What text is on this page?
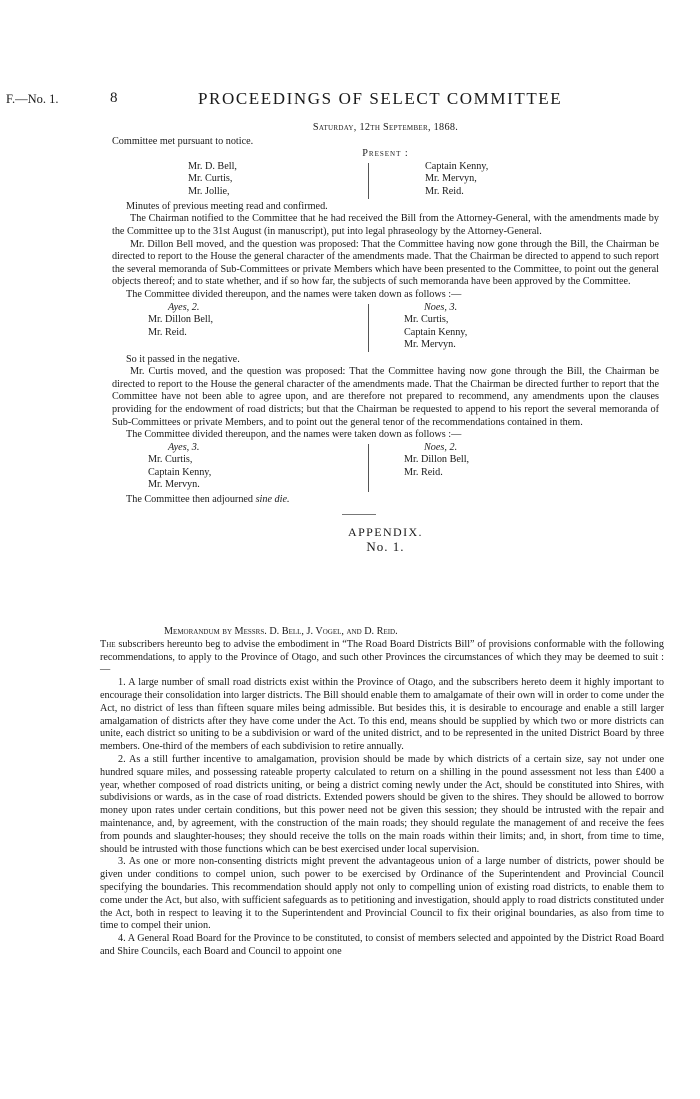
F.—No. 1.	8	PROCEEDINGS OF SELECT COMMITTEE

Saturday, 12th September, 1868.

Committee met pursuant to notice.

Present :

Mr. D. Bell,
Mr. Curtis,
Mr. Jollie,
Captain Kenny,
Mr. Mervyn,
Mr. Reid.

Minutes of previous meeting read and confirmed.

The Chairman notified to the Committee that he had received the Bill from the Attorney-General, with the amendments made by the Committee up to the 31st August (in manuscript), put into legal phraseology by the Attorney-General.

Mr. Dillon Bell moved, and the question was proposed: That the Committee having now gone through the Bill, the Chairman be directed to report to the House the general character of the amendments made. That the Chairman be directed to append to such report the several memoranda of Sub-Committees or private Members which have been presented to the Committee, to point out the general objects thereof; and to state whether, and if so how far, the subjects of such memoranda have been approved by the Committee.

The Committee divided thereupon, and the names were taken down as follows :—

Ayes, 2.
Mr. Dillon Bell,
Mr. Reid.
Noes, 3.
Mr. Curtis,
Captain Kenny,
Mr. Mervyn.

So it passed in the negative.

Mr. Curtis moved, and the question was proposed: That the Committee having now gone through the Bill, the Chairman be directed to report to the House the general character of the amendments made. That the Chairman be directed further to report that the Committee have not been able to agree upon, and are therefore not prepared to recommend, any amendments upon the clauses providing for the endowment of road districts; but that the Chairman be requested to append to his report the several memoranda of Sub-Committees or private Members, and to point out the general tenor of the recommendations contained in them.

The Committee divided thereupon, and the names were taken down as follows :—

Ayes, 3.
Mr. Curtis,
Captain Kenny,
Mr. Mervyn.
Noes, 2.
Mr. Dillon Bell,
Mr. Reid.

The Committee then adjourned sine die.

APPENDIX.

No. 1.

Memorandum by Messrs. D. Bell, J. Vogel, and D. Reid.

The subscribers hereunto beg to advise the embodiment in “The Road Board Districts Bill” of provisions conformable with the following recommendations, to apply to the Province of Otago, and such other Provinces the circumstances of which they may be deemed to suit :—

1. A large number of small road districts exist within the Province of Otago, and the subscribers hereto deem it highly important to encourage their consolidation into larger districts. The Bill should enable them to amalgamate of their own will in order to come under the Act, no district of less than fifteen square miles being admissible. But besides this, it is desirable to encourage and enable a still larger amalgamation of districts after they have come under the Act. To this end, means should be supplied by which two or more districts can unite, each district so uniting to be a subdivision or ward of the united district, and to be represented in the united District Board by three members. One-third of the members of each subdivision to retire annually.

2. As a still further incentive to amalgamation, provision should be made by which districts of a certain size, say not under one hundred square miles, and possessing rateable property calculated to return on a shilling in the pound assessment not less than £400 a year, whether composed of road districts uniting, or being a district coming newly under the Act, should be constituted into Shires, with subdivisions or wards, as in the case of road districts. Extended powers should be given to the shires. They should be allowed to borrow money upon rates under certain conditions, but this power need not be given this session; they should be intrusted with the repair and maintenance, and, by agreement, with the construction of the main roads; they should regulate the management of and receive the fees from pounds and slaughter-houses; they should receive the tolls on the main roads within their limits; and, in short, from time to time, should be intrusted with those functions which can be best exercised under local supervision.

3. As one or more non-consenting districts might prevent the advantageous union of a large number of districts, power should be given under conditions to compel union, such power to be exercised by Ordinance of the Superintendent and Provincial Council specifying the boundaries. This recommendation should apply not only to compelling union of existing road districts, to enable them to come under the Act, but also, with sufficient safeguards as to petitioning and investigation, should apply to road districts constituted under the Act, both in respect to leaving it to the Superintendent and Provincial Council to fix their original boundaries, as also from time to time to compel their union.

4. A General Road Board for the Province to be constituted, to consist of members selected and appointed by the District Road Board and Shire Councils, each Board and Council to appoint one
